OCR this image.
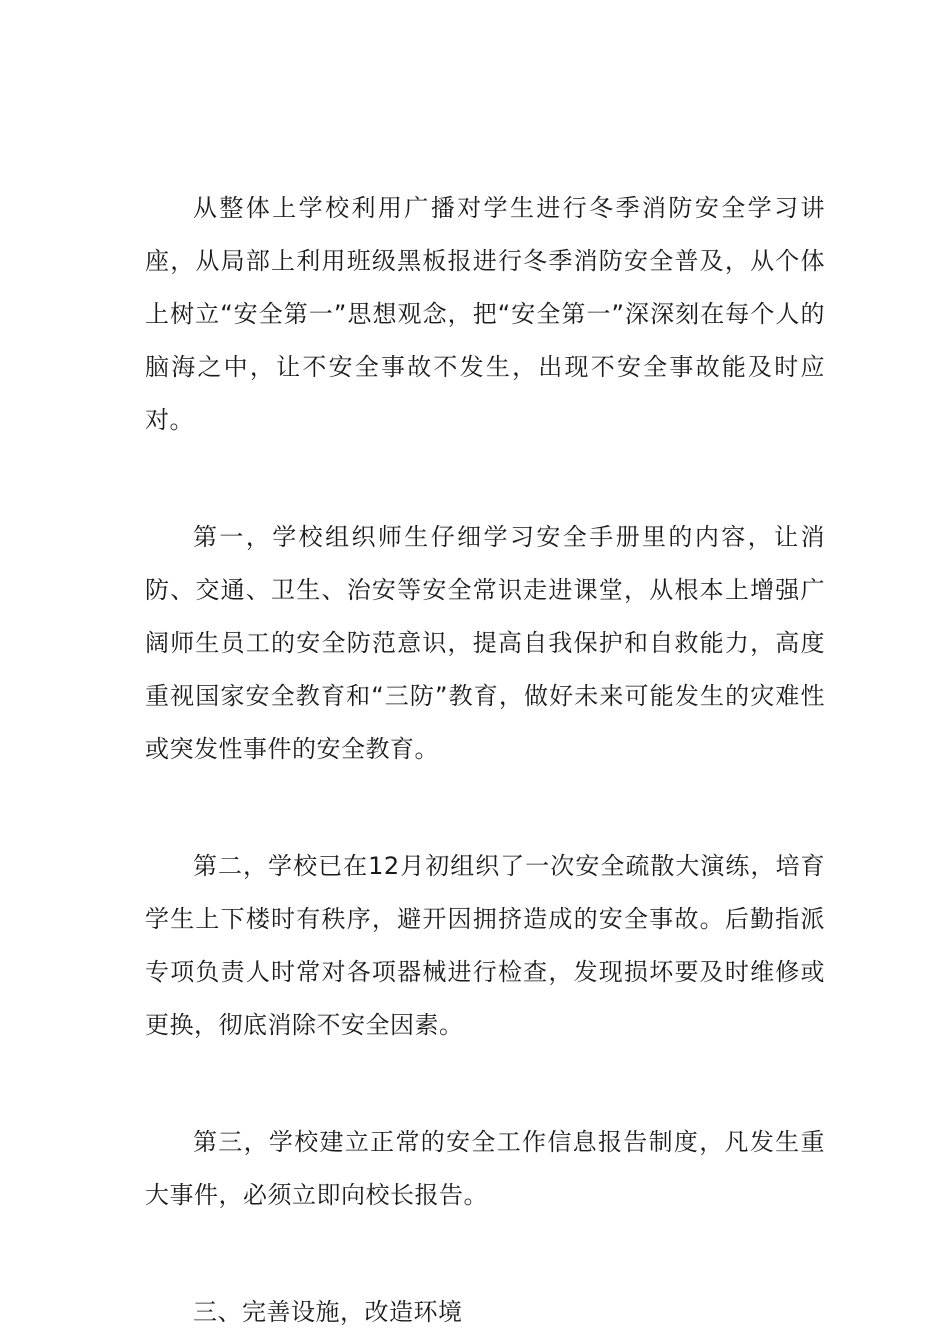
从整体上学校利用广播对学生进行冬季消防安全学习讲座，从局部上利用班级黑板报进行冬季消防安全普及，从个体上树立“安全第一”思想观念，把“安全第一”深深刻在每个人的脑海之中，让不安全事故不发生，出现不安全事故能及时应对。

第一，学校组织师生仔细学习安全手册里的内容，让消防、交通、卫生、治安等安全常识走进课堂，从根本上增强广阔师生员工的安全防范意识，提高自我保护和自救能力，高度重视国家安全教育和“三防”教育，做好未来可能发生的灾难性或突发性事件的安全教育。

第二，学校已在12月初组织了一次安全疏散大演练，培育学生上下楼时有秩序，避开因拥挤造成的安全事故。后勤指派专项负责人时常对各项器械进行检查，发现损坏要及时维修或更换，彻底消除不安全因素。

第三，学校建立正常的安全工作信息报告制度，凡发生重大事件，必须立即向校长报告。

三、完善设施，改造环境
